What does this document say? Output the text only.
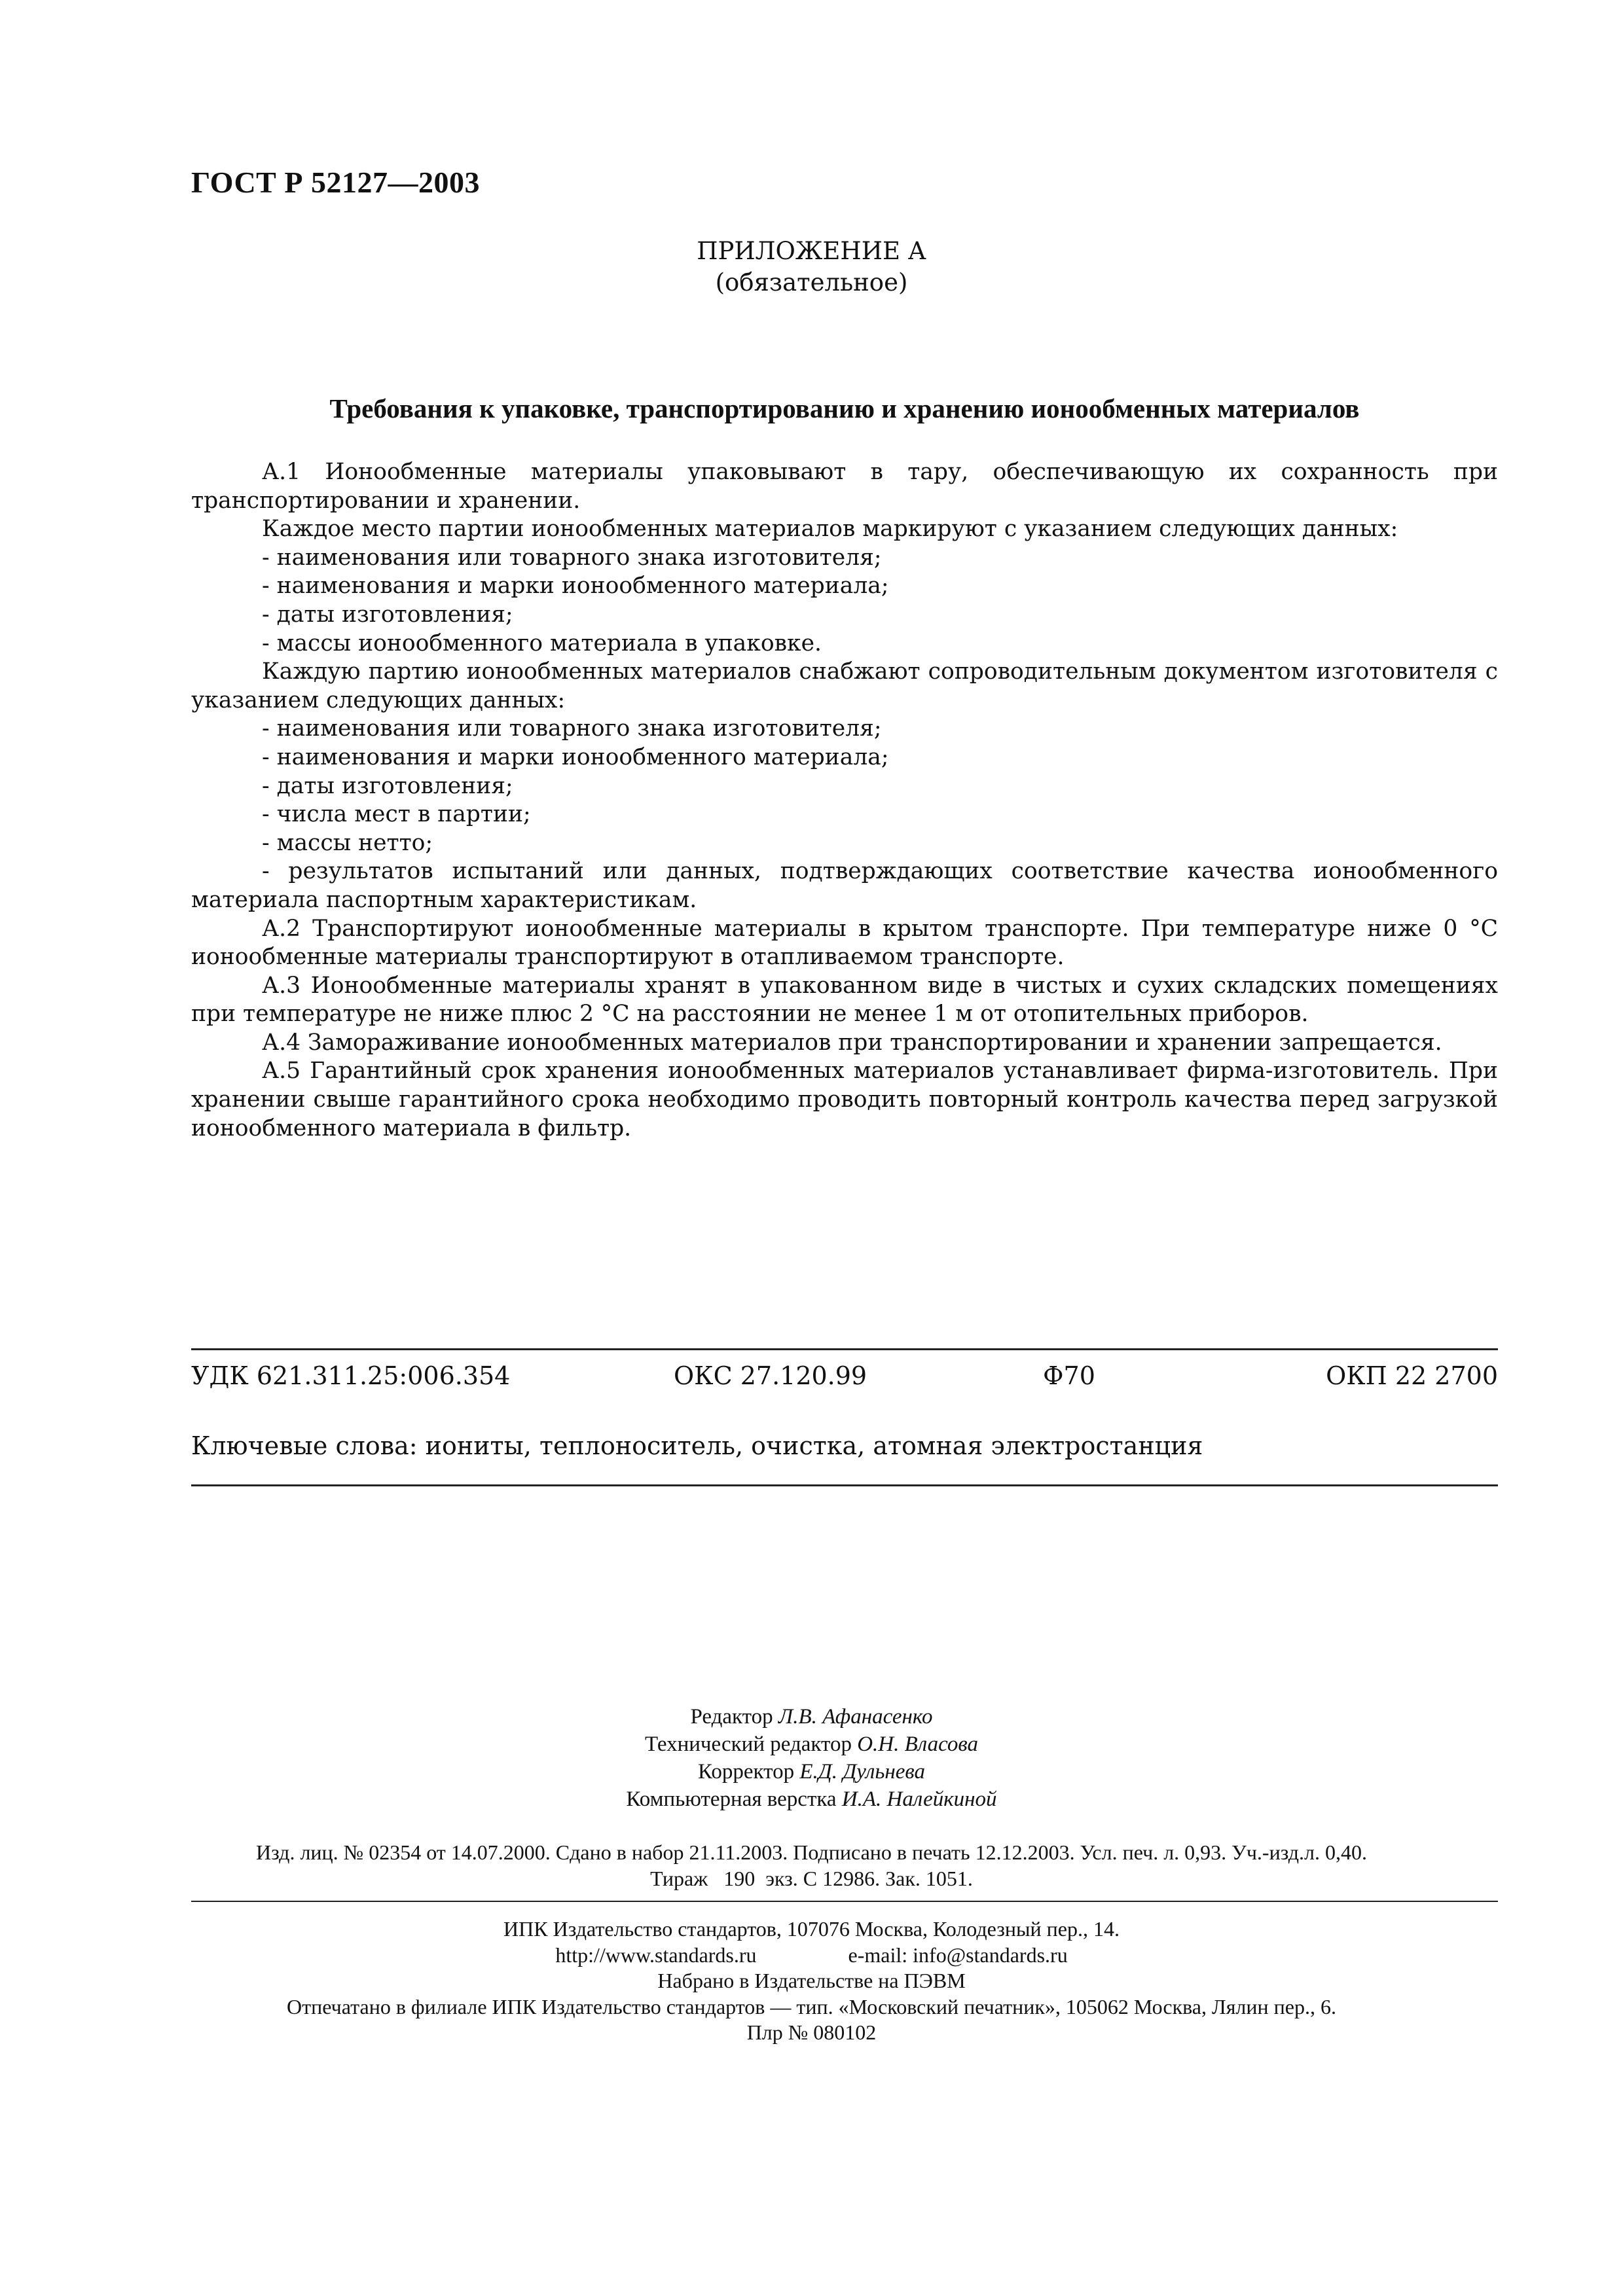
ГОСТ Р 52127—2003
ПРИЛОЖЕНИЕ А
(обязательное)
Требования к упаковке, транспортированию и хранению ионообменных материалов

А.1 Ионообменные материалы упаковывают в тару, обеспечивающую их сохранность при транспортировании и хранении.

Каждое место партии ионообменных материалов маркируют с указанием следующих данных:

- наименования или товарного знака изготовителя;

- наименования и марки ионообменного материала;

- даты изготовления;

- массы ионообменного материала в упаковке.

Каждую партию ионообменных материалов снабжают сопроводительным документом изготовителя с указанием следующих данных:

- наименования или товарного знака изготовителя;

- наименования и марки ионообменного материала;

- даты изготовления;

- числа мест в партии;

- массы нетто;

- результатов испытаний или данных, подтверждающих соответствие качества ионообменного материала паспортным характеристикам.

А.2 Транспортируют ионообменные материалы в крытом транспорте. При температуре ниже 0 °С ионообменные материалы транспортируют в отапливаемом транспорте.

А.3 Ионообменные материалы хранят в упакованном виде в чистых и сухих складских помещениях при температуре не ниже плюс 2 °С на расстоянии не менее 1 м от отопительных приборов.

А.4 Замораживание ионообменных материалов при транспортировании и хранении запрещается.

А.5 Гарантийный срок хранения ионообменных материалов устанавливает фирма-изготовитель. При хранении свыше гарантийного срока необходимо проводить повторный контроль качества перед загрузкой ионообменного материала в фильтр.

УДК 621.311.25:006.354	ОКС 27.120.99	Ф70	ОКП 22 2700
Ключевые слова: иониты, теплоноситель, очистка, атомная электростанция
Редактор Л.В. Афанасенко
Технический редактор О.Н. Власова
Корректор Е.Д. Дульнева
Компьютерная верстка И.А. Налейкиной
Изд. лиц. № 02354 от 14.07.2000. Сдано в набор 21.11.2003. Подписано в печать 12.12.2003. Усл. печ. л. 0,93. Уч.-изд.л. 0,40.
Тираж   190  экз. С 12986. Зак. 1051.
ИПК Издательство стандартов, 107076 Москва, Колодезный пер., 14.
http://www.standards.ru	e-mail: info@standards.ru
Набрано в Издательстве на ПЭВМ
Отпечатано в филиале ИПК Издательство стандартов — тип. «Московский печатник», 105062 Москва, Лялин пер., 6.
Плр № 080102
